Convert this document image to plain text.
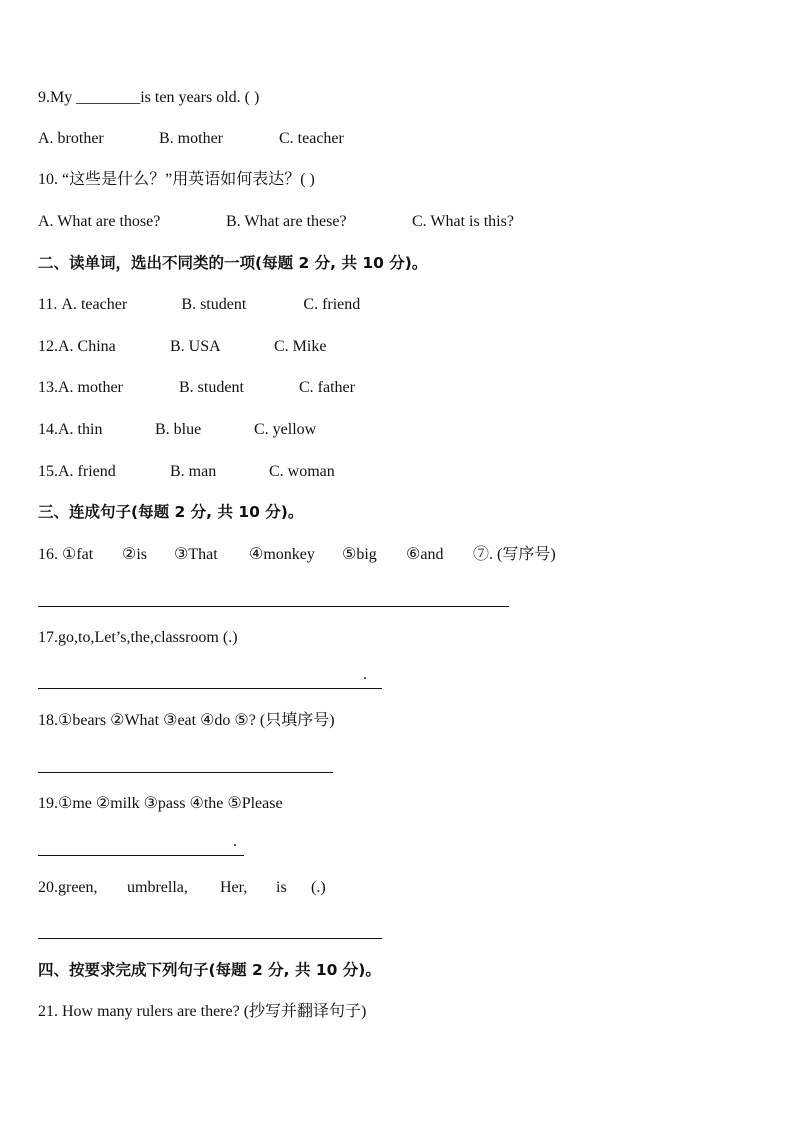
9.My ________is ten years old. ( )
A. brother	B. mother	C. teacher
10. “这些是什么？”用英语如何表达？( )
A. What are those?	B. What are these?	C. What is this?
二、读单词，选出不同类的一项(每题 2 分, 共 10 分)。
11. A. teacher	B. student	C. friend
12.A. China	B. USA	C. Mike
13.A. mother	B. student	C. father
14.A. thin	B. blue	C. yellow
15.A. friend	B. man	C. woman
三、连成句子(每题 2 分, 共 10 分)。
16. ①fat ②is ③That ④monkey ⑤big ⑥and ⑦. (写序号)
17.go,to,Let’s,the,classroom (.)
.
18.①bears ②What ③eat ④do ⑤? (只填序号)
19.①me ②milk ③pass ④the ⑤Please
.
20.green, umbrella, Her, is (.)
四、按要求完成下列句子(每题 2 分, 共 10 分)。
21. How many rulers are there? (抄写并翻译句子)
